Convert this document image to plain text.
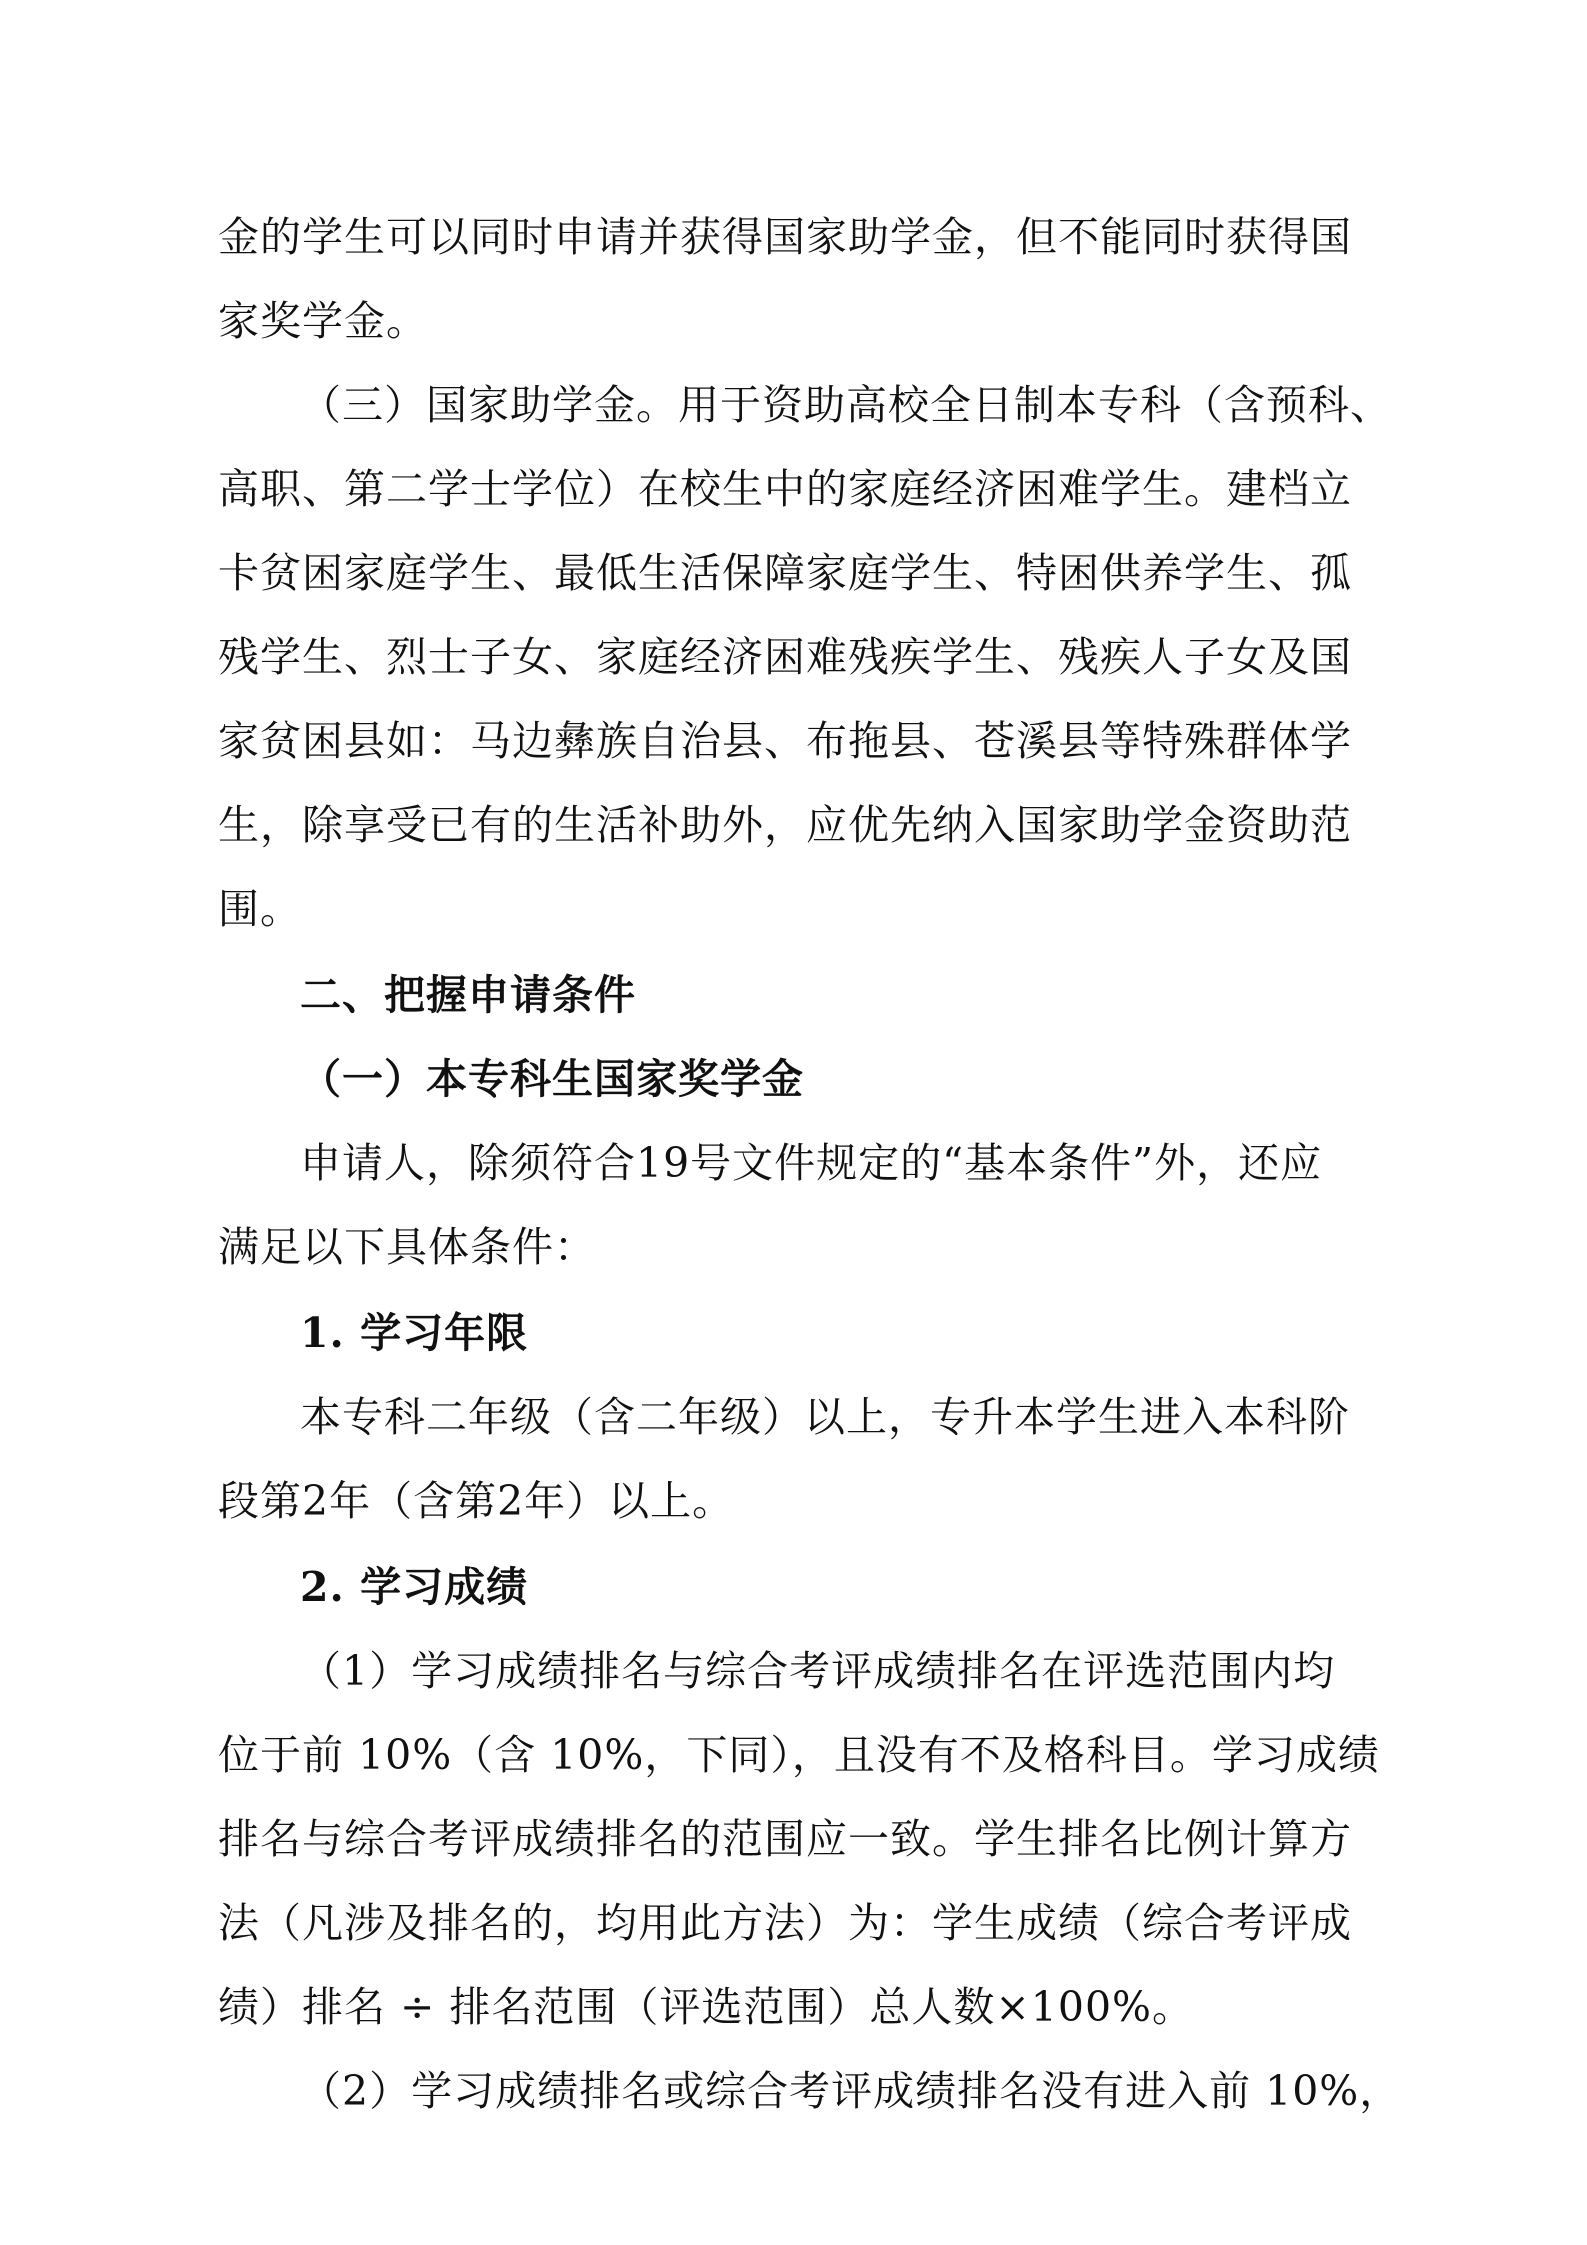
金的学生可以同时申请并获得国家助学金，但不能同时获得国
家奖学金。
（三）国家助学金。用于资助高校全日制本专科（含预科、
高职、第二学士学位）在校生中的家庭经济困难学生。建档立
卡贫困家庭学生、最低生活保障家庭学生、特困供养学生、孤
残学生、烈士子女、家庭经济困难残疾学生、残疾人子女及国
家贫困县如：马边彝族自治县、布拖县、苍溪县等特殊群体学
生，除享受已有的生活补助外，应优先纳入国家助学金资助范
围。
二、把握申请条件
（一）本专科生国家奖学金
申请人，除须符合19号文件规定的“基本条件”外，还应
满足以下具体条件：
1. 学习年限
本专科二年级（含二年级）以上，专升本学生进入本科阶
段第2年（含第2年）以上。
2. 学习成绩
（1）学习成绩排名与综合考评成绩排名在评选范围内均
位于前 10%（含 10%，下同），且没有不及格科目。学习成绩
排名与综合考评成绩排名的范围应一致。学生排名比例计算方
法（凡涉及排名的，均用此方法）为：学生成绩（综合考评成
绩）排名 ÷ 排名范围（评选范围）总人数×100%。
（2）学习成绩排名或综合考评成绩排名没有进入前 10%，
